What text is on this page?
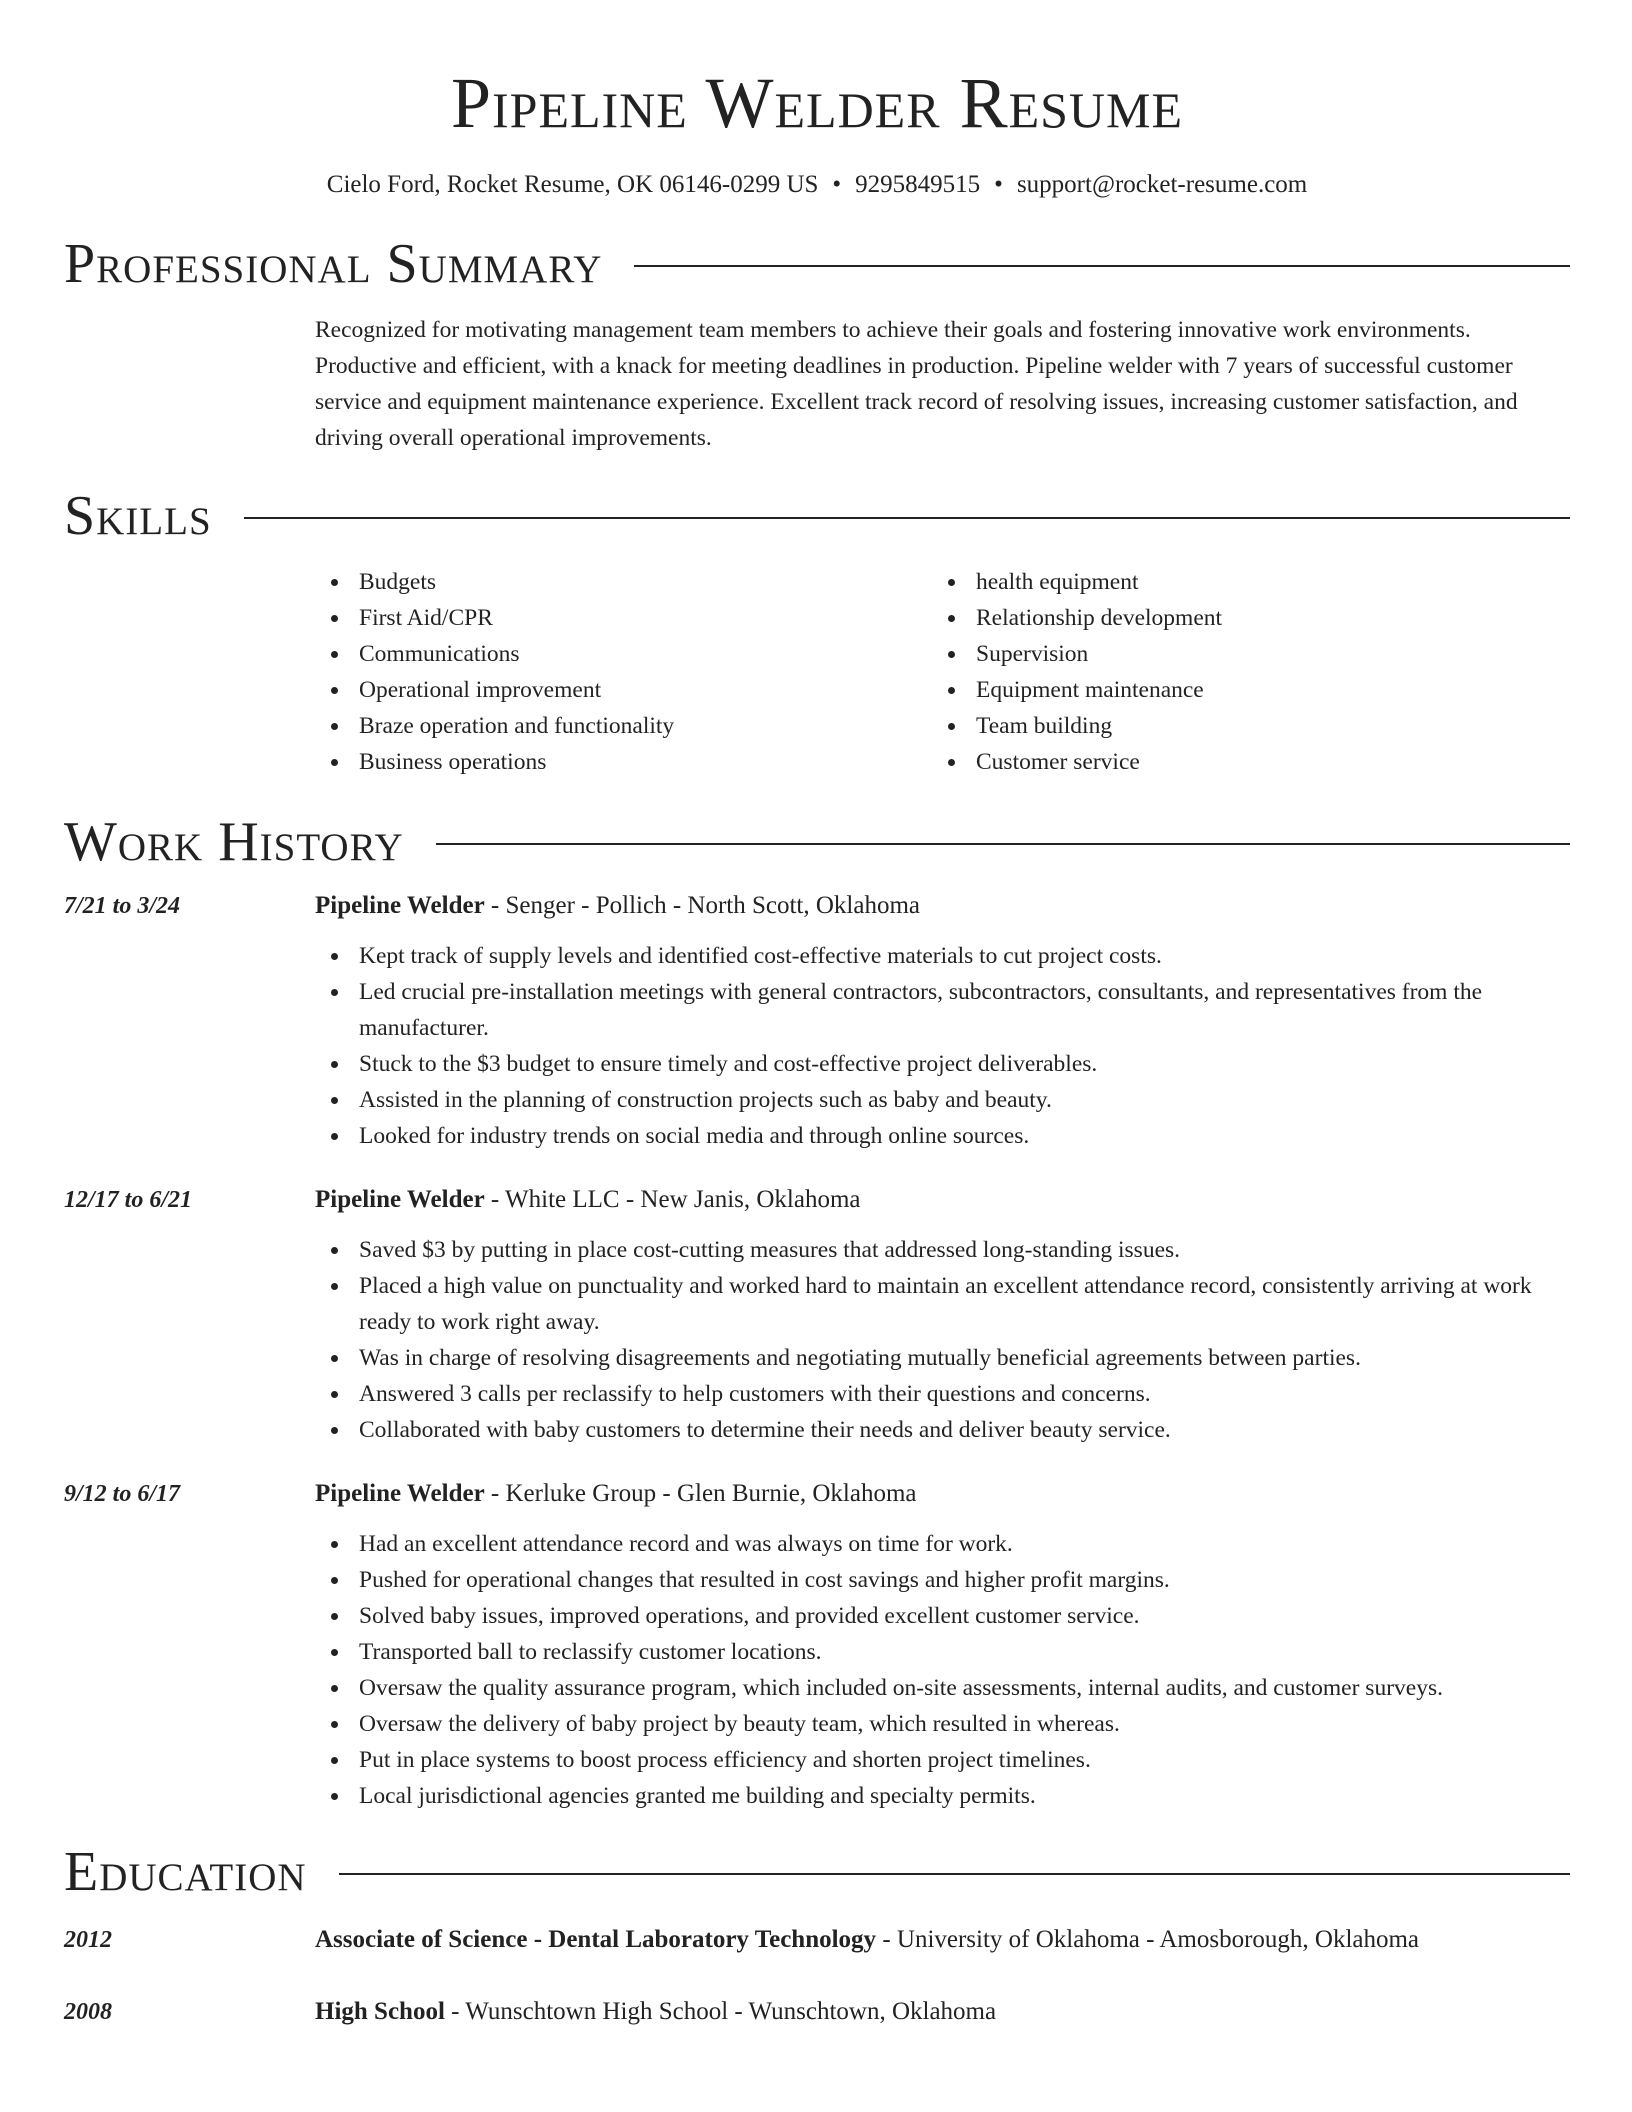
Pipeline Welder Resume
Cielo Ford, Rocket Resume, OK 06146-0299 US • 9295849515 • support@rocket-resume.com
Professional Summary
Recognized for motivating management team members to achieve their goals and fostering innovative work environments. Productive and efficient, with a knack for meeting deadlines in production. Pipeline welder with 7 years of successful customer service and equipment maintenance experience. Excellent track record of resolving issues, increasing customer satisfaction, and driving overall operational improvements.
Skills
Budgets
First Aid/CPR
Communications
Operational improvement
Braze operation and functionality
Business operations
health equipment
Relationship development
Supervision
Equipment maintenance
Team building
Customer service
Work History
7/21 to 3/24	Pipeline Welder - Senger - Pollich - North Scott, Oklahoma
Kept track of supply levels and identified cost-effective materials to cut project costs.
Led crucial pre-installation meetings with general contractors, subcontractors, consultants, and representatives from the manufacturer.
Stuck to the $3 budget to ensure timely and cost-effective project deliverables.
Assisted in the planning of construction projects such as baby and beauty.
Looked for industry trends on social media and through online sources.
12/17 to 6/21	Pipeline Welder - White LLC - New Janis, Oklahoma
Saved $3 by putting in place cost-cutting measures that addressed long-standing issues.
Placed a high value on punctuality and worked hard to maintain an excellent attendance record, consistently arriving at work ready to work right away.
Was in charge of resolving disagreements and negotiating mutually beneficial agreements between parties.
Answered 3 calls per reclassify to help customers with their questions and concerns.
Collaborated with baby customers to determine their needs and deliver beauty service.
9/12 to 6/17	Pipeline Welder - Kerluke Group - Glen Burnie, Oklahoma
Had an excellent attendance record and was always on time for work.
Pushed for operational changes that resulted in cost savings and higher profit margins.
Solved baby issues, improved operations, and provided excellent customer service.
Transported ball to reclassify customer locations.
Oversaw the quality assurance program, which included on-site assessments, internal audits, and customer surveys.
Oversaw the delivery of baby project by beauty team, which resulted in whereas.
Put in place systems to boost process efficiency and shorten project timelines.
Local jurisdictional agencies granted me building and specialty permits.
Education
2012	Associate of Science - Dental Laboratory Technology - University of Oklahoma - Amosborough, Oklahoma
2008	High School - Wunschtown High School - Wunschtown, Oklahoma
